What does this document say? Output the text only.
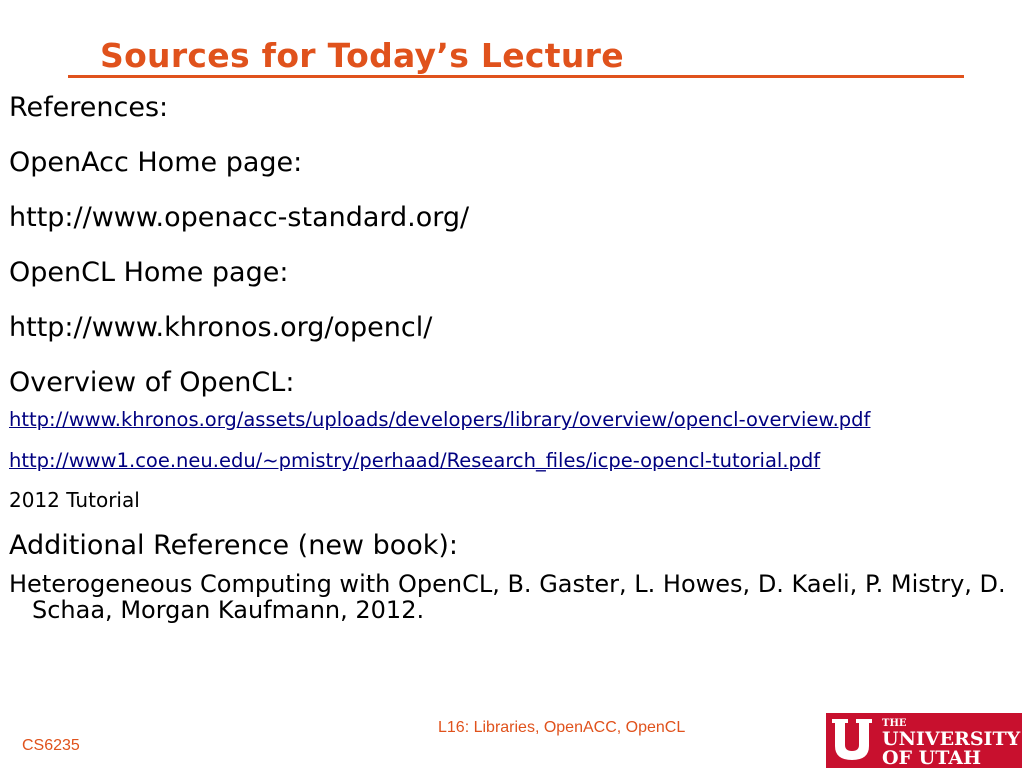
Sources for Today’s Lecture

References:

OpenAcc Home page:

http://www.openacc-standard.org/

OpenCL Home page:

http://www.khronos.org/opencl/

Overview of OpenCL:

http://www.khronos.org/assets/uploads/developers/library/overview/opencl-overview.pdf

http://www1.coe.neu.edu/~pmistry/perhaad/Research_files/icpe-opencl-tutorial.pdf

2012 Tutorial

Additional Reference (new book):

Heterogeneous Computing with OpenCL, B. Gaster, L. Howes, D. Kaeli, P. Mistry, D. Schaa, Morgan Kaufmann, 2012.

L16: Libraries, OpenACC, OpenCL
CS6235
THE
UNIVERSITY
OF UTAH
